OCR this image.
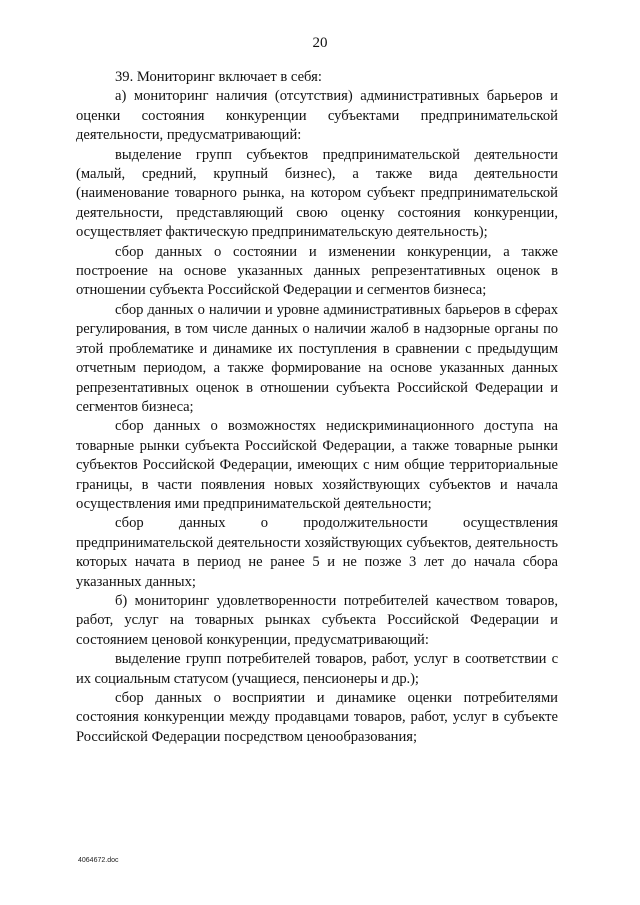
20

39. Мониторинг включает в себя:

а) мониторинг наличия (отсутствия) административных барьеров и оценки состояния конкуренции субъектами предпринимательской деятельности, предусматривающий:

выделение групп субъектов предпринимательской деятельности (малый, средний, крупный бизнес), а также вида деятельности (наименование товарного рынка, на котором субъект предпринимательской деятельности, представляющий свою оценку состояния конкуренции, осуществляет фактическую предпринимательскую деятельность);

сбор данных о состоянии и изменении конкуренции, а также построение на основе указанных данных репрезентативных оценок в отношении субъекта Российской Федерации и сегментов бизнеса;

сбор данных о наличии и уровне административных барьеров в сферах регулирования, в том числе данных о наличии жалоб в надзорные органы по этой проблематике и динамике их поступления в сравнении с предыдущим отчетным периодом, а также формирование на основе указанных данных репрезентативных оценок в отношении субъекта Российской Федерации и сегментов бизнеса;

сбор данных о возможностях недискриминационного доступа на товарные рынки субъекта Российской Федерации, а также товарные рынки субъектов Российской Федерации, имеющих с ним общие территориальные границы, в части появления новых хозяйствующих субъектов и начала осуществления ими предпринимательской деятельности;

сбор данных о продолжительности осуществления предпринимательской деятельности хозяйствующих субъектов, деятельность которых начата в период не ранее 5 и не позже 3 лет до начала сбора указанных данных;

б) мониторинг удовлетворенности потребителей качеством товаров, работ, услуг на товарных рынках субъекта Российской Федерации и состоянием ценовой конкуренции, предусматривающий:

выделение групп потребителей товаров, работ, услуг в соответствии с их социальным статусом (учащиеся, пенсионеры и др.);

сбор данных о восприятии и динамике оценки потребителями состояния конкуренции между продавцами товаров, работ, услуг в субъекте Российской Федерации посредством ценообразования;

4064672.doc
